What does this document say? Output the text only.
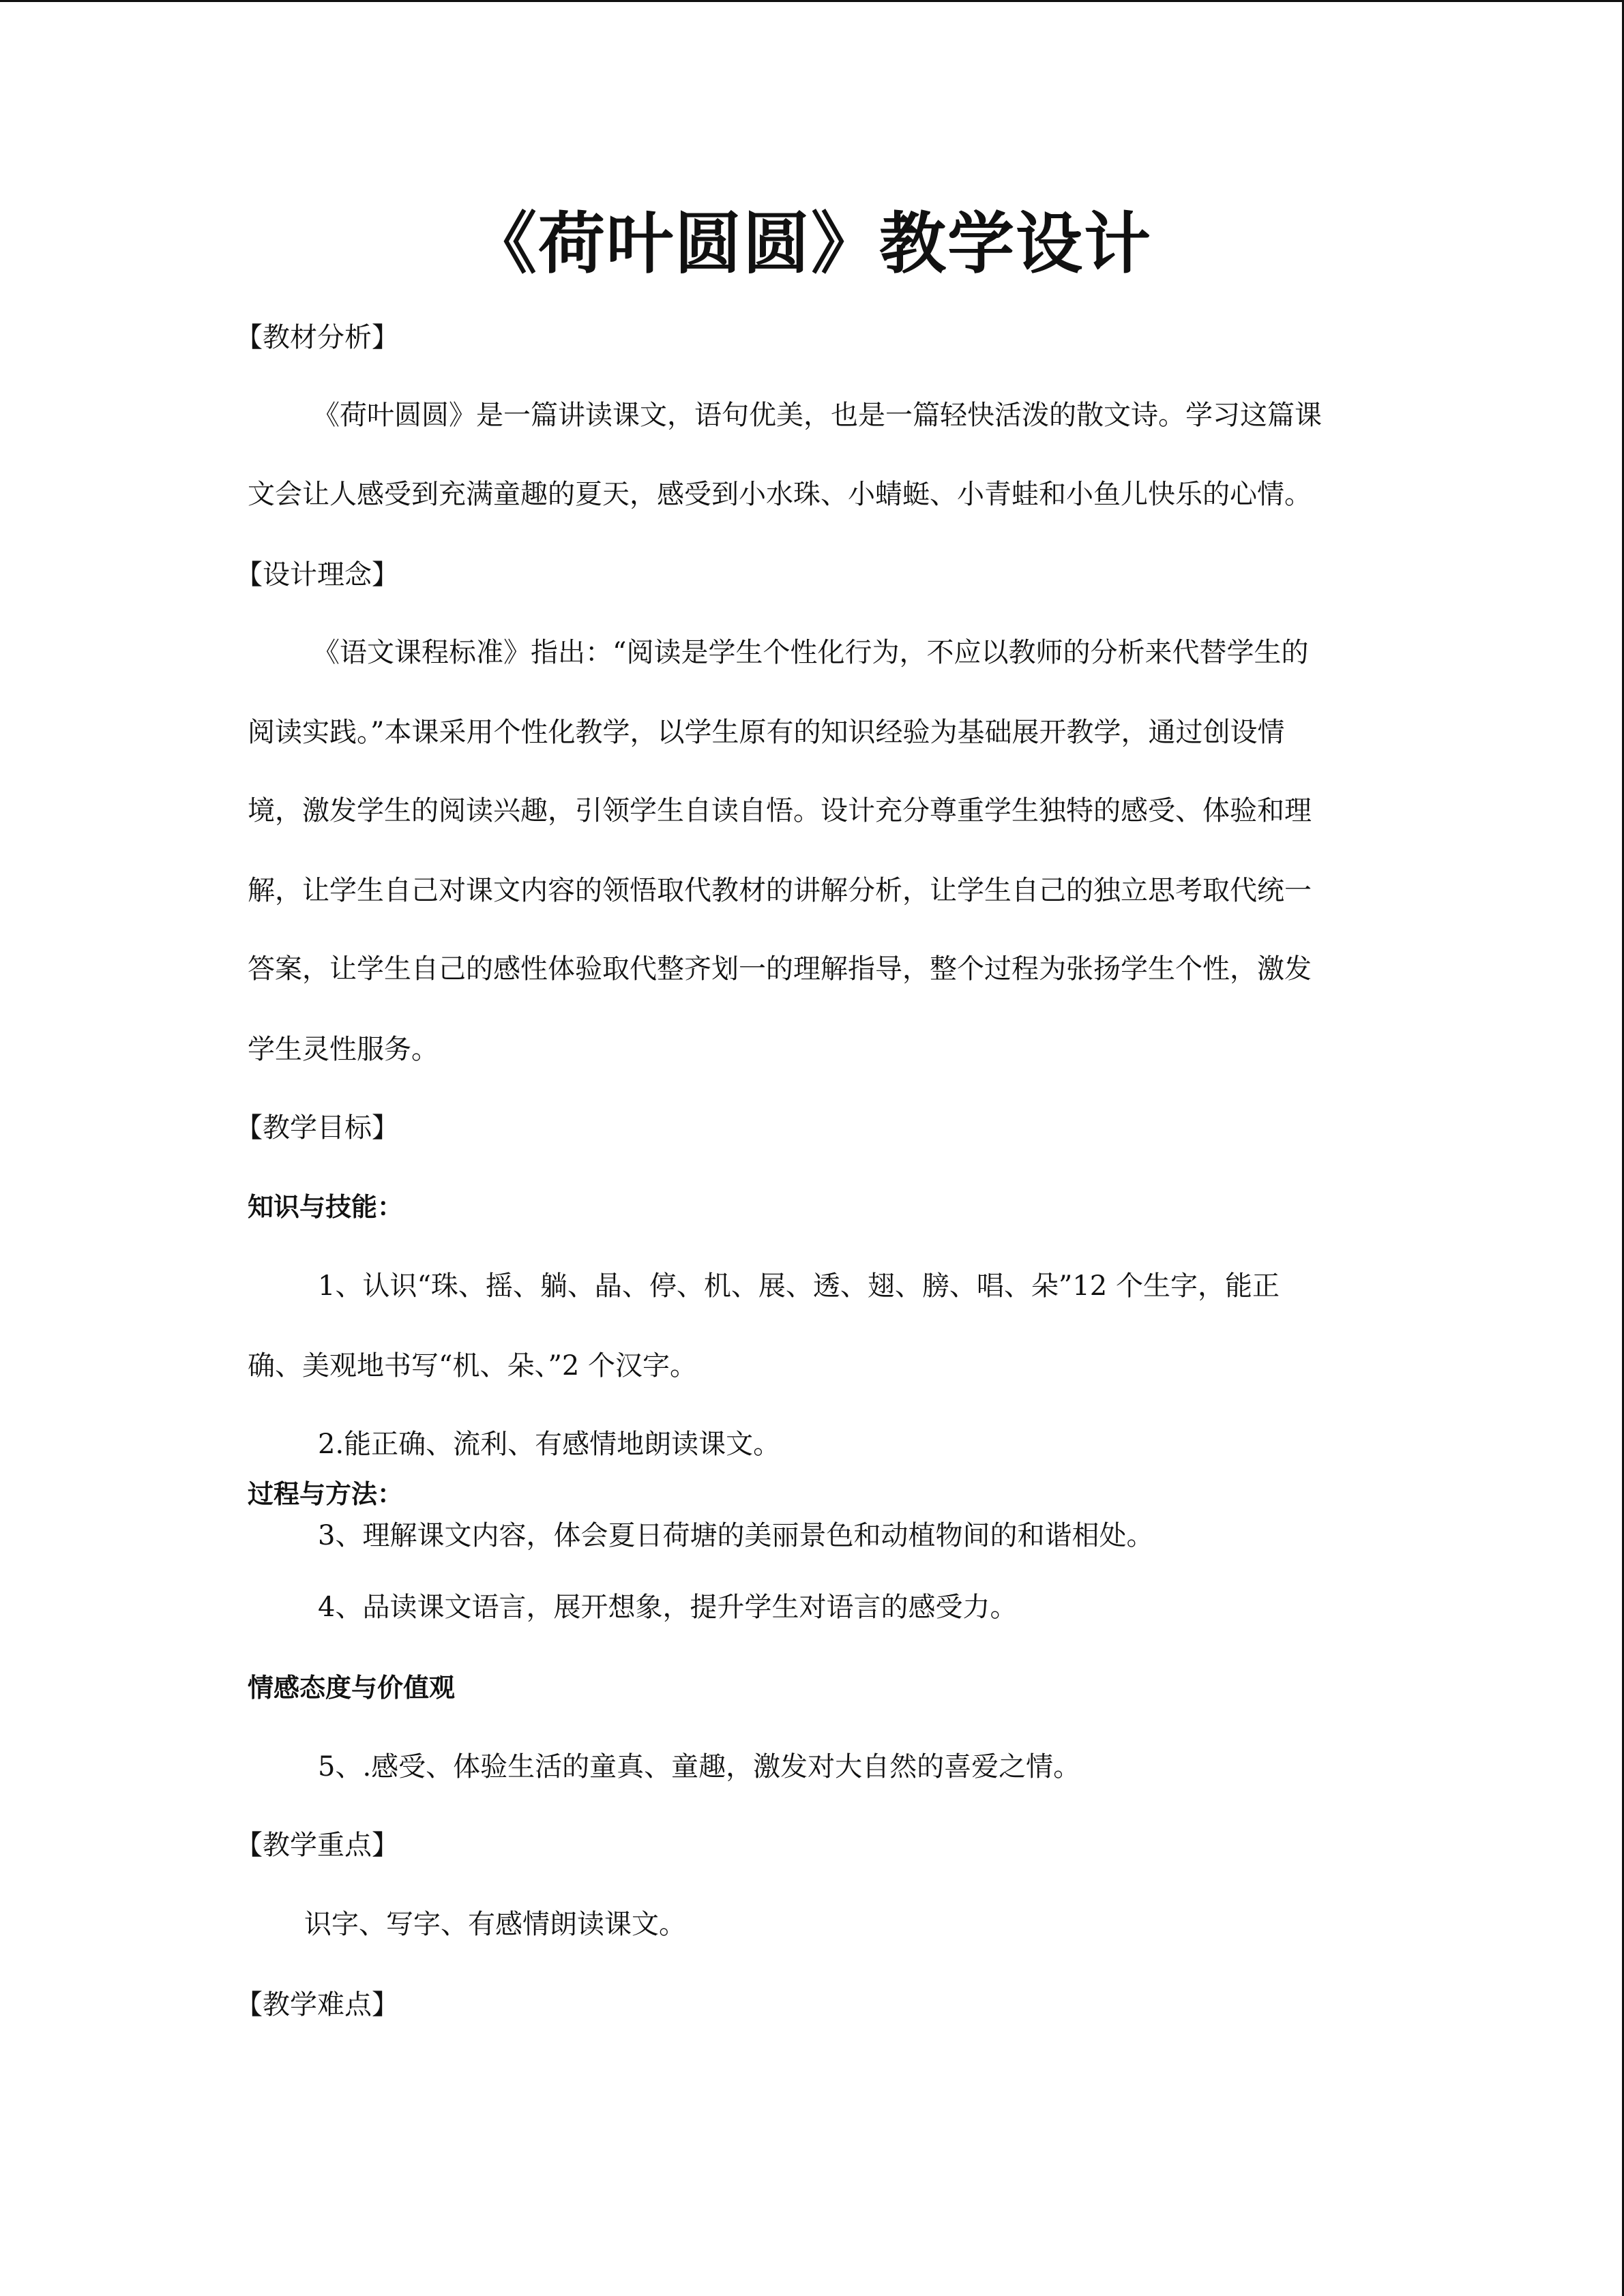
《荷叶圆圆》教学设计
【教材分析】
《荷叶圆圆》是一篇讲读课文，语句优美，也是一篇轻快活泼的散文诗。学习这篇课
文会让人感受到充满童趣的夏天，感受到小水珠、小蜻蜓、小青蛙和小鱼儿快乐的心情。
【设计理念】
《语文课程标准》指出：“阅读是学生个性化行为，不应以教师的分析来代替学生的
阅读实践。”本课采用个性化教学，以学生原有的知识经验为基础展开教学，通过创设情
境，激发学生的阅读兴趣，引领学生自读自悟。设计充分尊重学生独特的感受、体验和理
解，让学生自己对课文内容的领悟取代教材的讲解分析，让学生自己的独立思考取代统一
答案，让学生自己的感性体验取代整齐划一的理解指导，整个过程为张扬学生个性，激发
学生灵性服务。
【教学目标】
知识与技能：
1、认识“珠、摇、躺、晶、停、机、展、透、翅、膀、唱、朵”12 个生字，能正
确、美观地书写“机、朵、”2 个汉字。
2.能正确、流利、有感情地朗读课文。
过程与方法：
3、理解课文内容，体会夏日荷塘的美丽景色和动植物间的和谐相处。
4、品读课文语言，展开想象，提升学生对语言的感受力。
情感态度与价值观
5、.感受、体验生活的童真、童趣，激发对大自然的喜爱之情。
【教学重点】
识字、写字、有感情朗读课文。
【教学难点】
